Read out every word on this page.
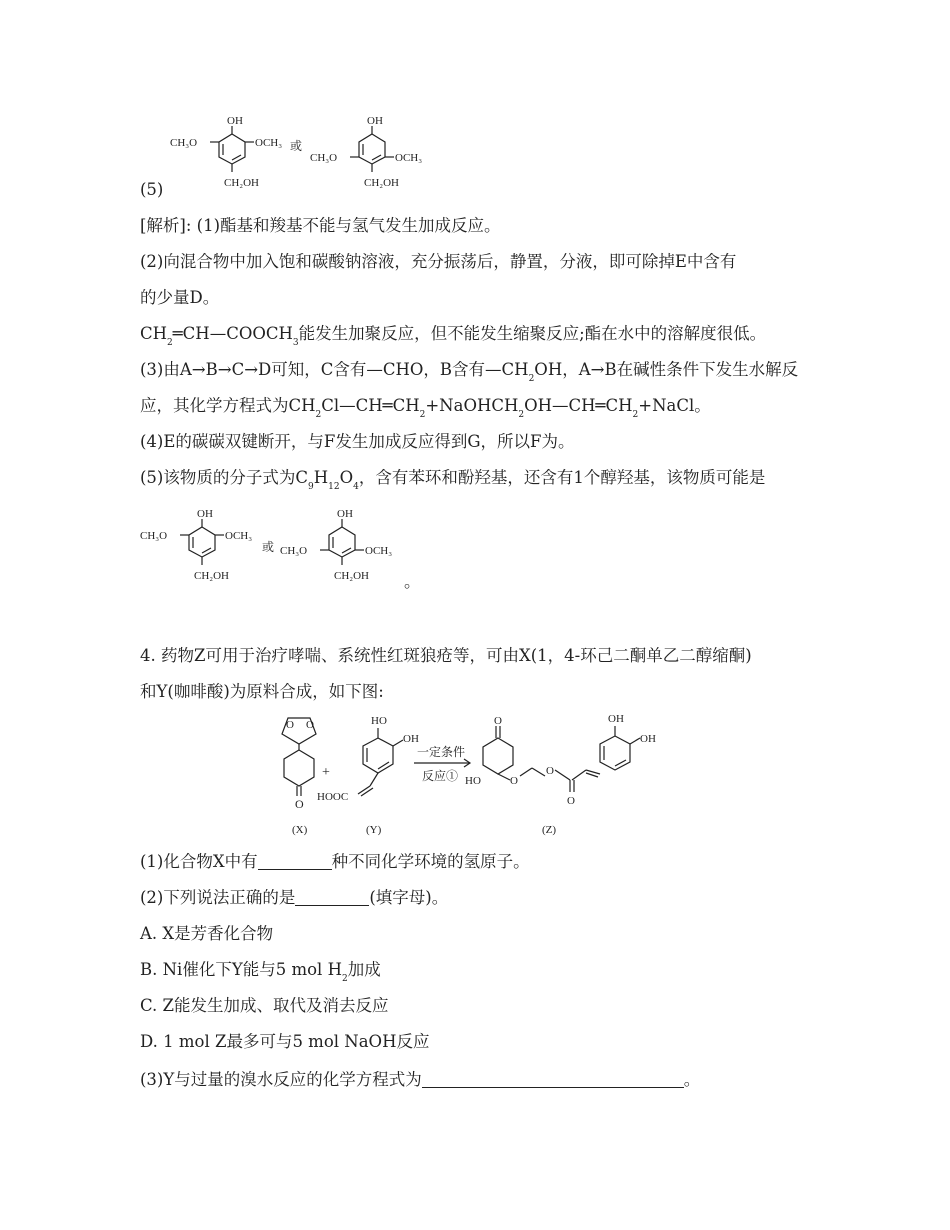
OH
OCH₃
CH₃O
CH₂OH
或
OH
OCH₃
CH₃O
CH₂OH
(5)
[解析]: (1)酯基和羧基不能与氢气发生加成反应。
(2)向混合物中加入饱和碳酸钠溶液，充分振荡后，静置，分液，即可除掉E中含有
的少量D。
$CH_2═CH—COOCH_3$能发生加聚反应，但不能发生缩聚反应;酯在水中的溶解度很低。
(3)由A→B→C→D可知，C含有—CHO，B含有$—CH_2OH$，A→B在碱性条件下发生水解反
应，其化学方程式为$CH_2Cl—CH═CH_2+NaOHCH_2OH—CH═CH_2+NaCl$。
(4)E的碳碳双键断开，与F发生加成反应得到G，所以F为。
(5)该物质的分子式为$C_9H_{12}O_4$，含有苯环和酚羟基，还含有1个醇羟基，该物质可能是
OH
OCH₃
CH₃O
CH₂OH
或
OH
OCH₃
CH₃O
CH₂OH 。
4. 药物Z可用于治疗哮喘、系统性红斑狼疮等，可由X(1，4-环己二酮单乙二醇缩酮)
和Y(咖啡酸)为原料合成，如下图:
O O
O
+
HO
OH
HOOC
一定条件
反应①
O
HO	O
O
O
OH
OH
(X)	(Y)	(Z)
(1)化合物X中有	种不同化学环境的氢原子。
(2)下列说法正确的是	(填字母)。
A. X是芳香化合物
B. Ni催化下Y能与5 mol $H_2$加成
C. Z能发生加成、取代及消去反应
D. 1 mol Z最多可与5 mol NaOH反应
(3)Y与过量的溴水反应的化学方程式为	。
